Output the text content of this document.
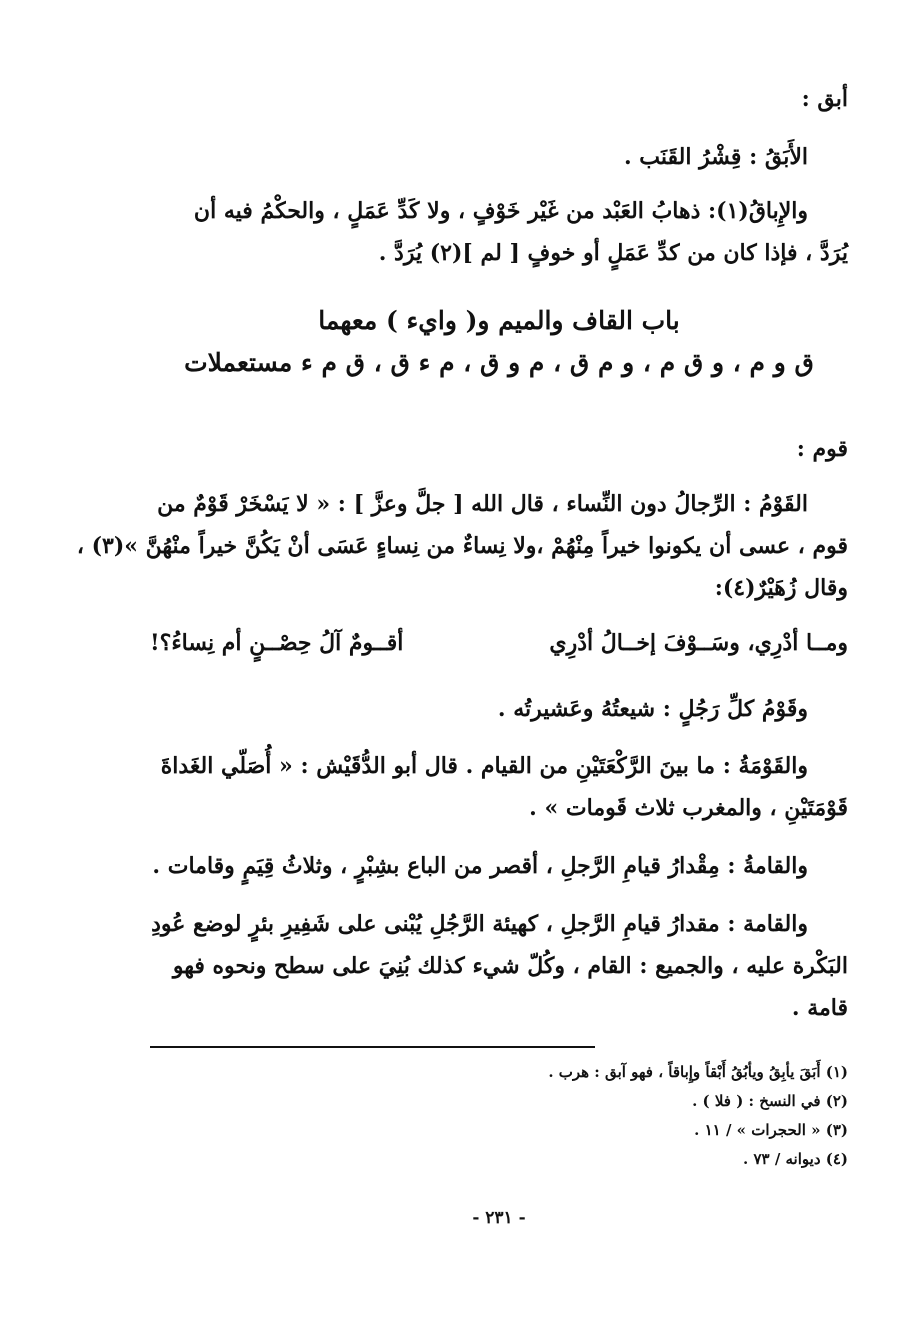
أبق :
الأَبَقُ : قِشْرُ القَنَب .
والإِباقُ(١): ذهابُ العَبْد من غَيْر خَوْفٍ ، ولا كَدِّ عَمَلٍ ، والحكْمُ فيه أن
يُرَدَّ ، فإذا كان من كدِّ عَمَلٍ أو خوفٍ [ لم ](٢) يُرَدَّ .
باب القاف والميم و( وايء ) معهما
ق و م ، و ق م ، و م ق ، م و ق ، م ء ق ، ق م ء مستعملات
قوم :
القَوْمُ : الرِّجالُ دون النِّساء ، قال الله [ جلَّ وعزَّ ] : « لا يَسْخَرْ قَوْمٌ من
قوم ، عسى أن يكونوا خيراً مِنْهُمْ ،ولا نِساءٌ من نِساءٍ عَسَى أنْ يَكُنَّ خيراً منْهُنَّ »(٣) ،
وقال زُهَيْرٌ(٤):
ومــا أدْرِي، وسَــوْفَ إخــالُ أدْرِي
أقــومٌ آلُ حِصْــنٍ أم نِساءُ؟!
وقَوْمُ كلِّ رَجُلٍ : شيعتُهُ وعَشيرتُه .
والقَوْمَةُ : ما بينَ الرَّكْعَتَيْنِ من القيام . قال أبو الدُّقَيْش : « أُصَلّي الغَداةَ
قَوْمَتَيْنِ ، والمغرب ثلاث قَومات » .
والقامةُ : مِقْدارُ قيامِ الرَّجلِ ، أقصر من الباع بشِبْرٍ ، وثلاثُ قِيَمٍ وقامات .
والقامة : مقدارُ قيامِ الرَّجلِ ، كهيئة الرَّجُلِ يُبْنى على شَفِيرِ بئرٍ لوضع عُودِ
البَكْرة عليه ، والجميع : القام ، وكُلّ شيء كذلك بُنِيَ على سطح ونحوه فهو
قامة .
(١) أَبَقَ يأبِقُ ويأبُقُ أَبْقاً وإِباقاً ، فهو آبق : هرب .
(٢) في النسخ : ( فلا ) .
(٣) « الحجرات » / ١١ .
(٤) ديوانه / ٧٣ .
- ٢٣١ -
